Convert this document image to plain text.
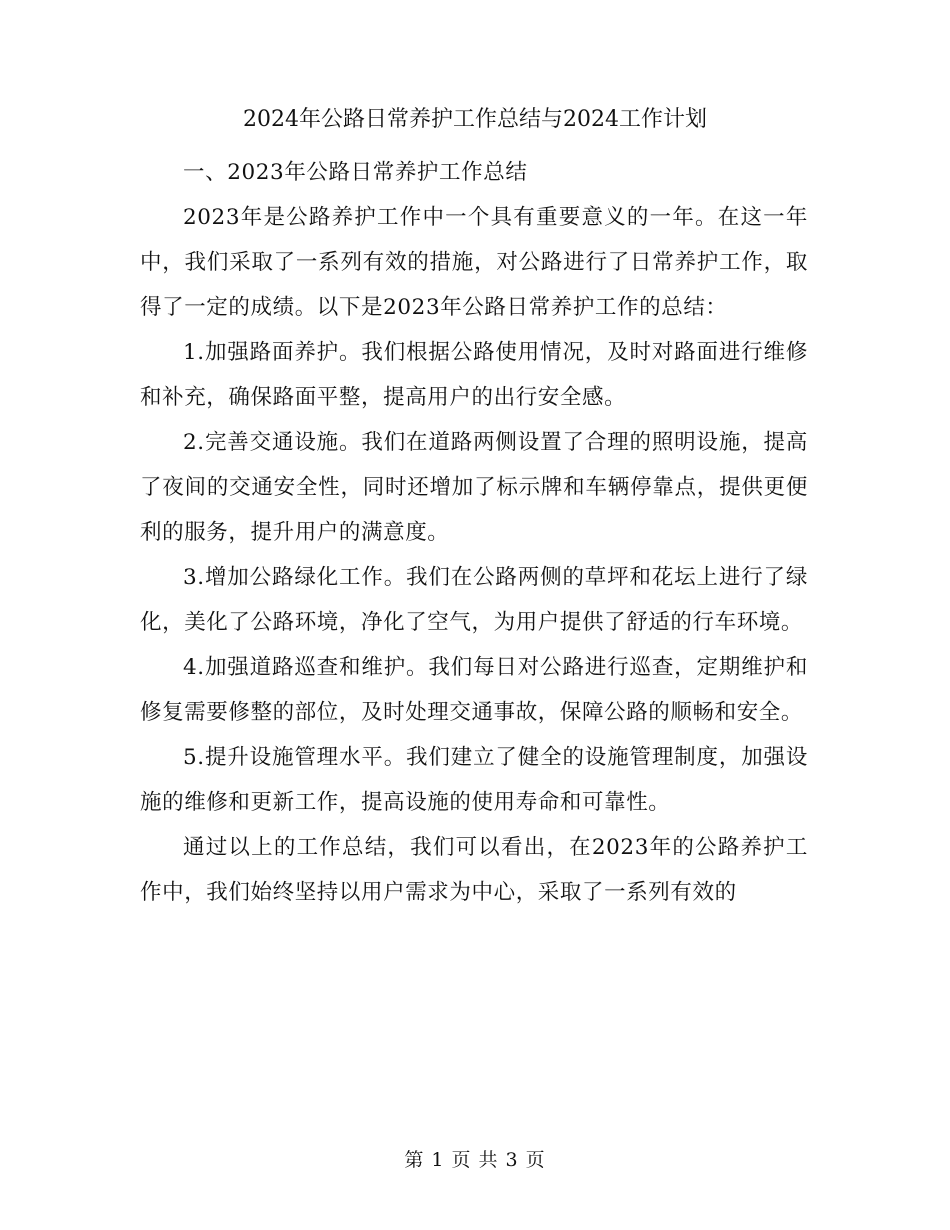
2024年公路日常养护工作总结与2024工作计划

一、2023年公路日常养护工作总结

2023年是公路养护工作中一个具有重要意义的一年。在这一年中，我们采取了一系列有效的措施，对公路进行了日常养护工作，取得了一定的成绩。以下是2023年公路日常养护工作的总结：

1.加强路面养护。我们根据公路使用情况，及时对路面进行维修和补充，确保路面平整，提高用户的出行安全感。

2.完善交通设施。我们在道路两侧设置了合理的照明设施，提高了夜间的交通安全性，同时还增加了标示牌和车辆停靠点，提供更便利的服务，提升用户的满意度。

3.增加公路绿化工作。我们在公路两侧的草坪和花坛上进行了绿化，美化了公路环境，净化了空气，为用户提供了舒适的行车环境。

4.加强道路巡查和维护。我们每日对公路进行巡查，定期维护和修复需要修整的部位，及时处理交通事故，保障公路的顺畅和安全。

5.提升设施管理水平。我们建立了健全的设施管理制度，加强设施的维修和更新工作，提高设施的使用寿命和可靠性。

通过以上的工作总结，我们可以看出，在2023年的公路养护工作中，我们始终坚持以用户需求为中心，采取了一系列有效的

第 1 页 共 3 页
